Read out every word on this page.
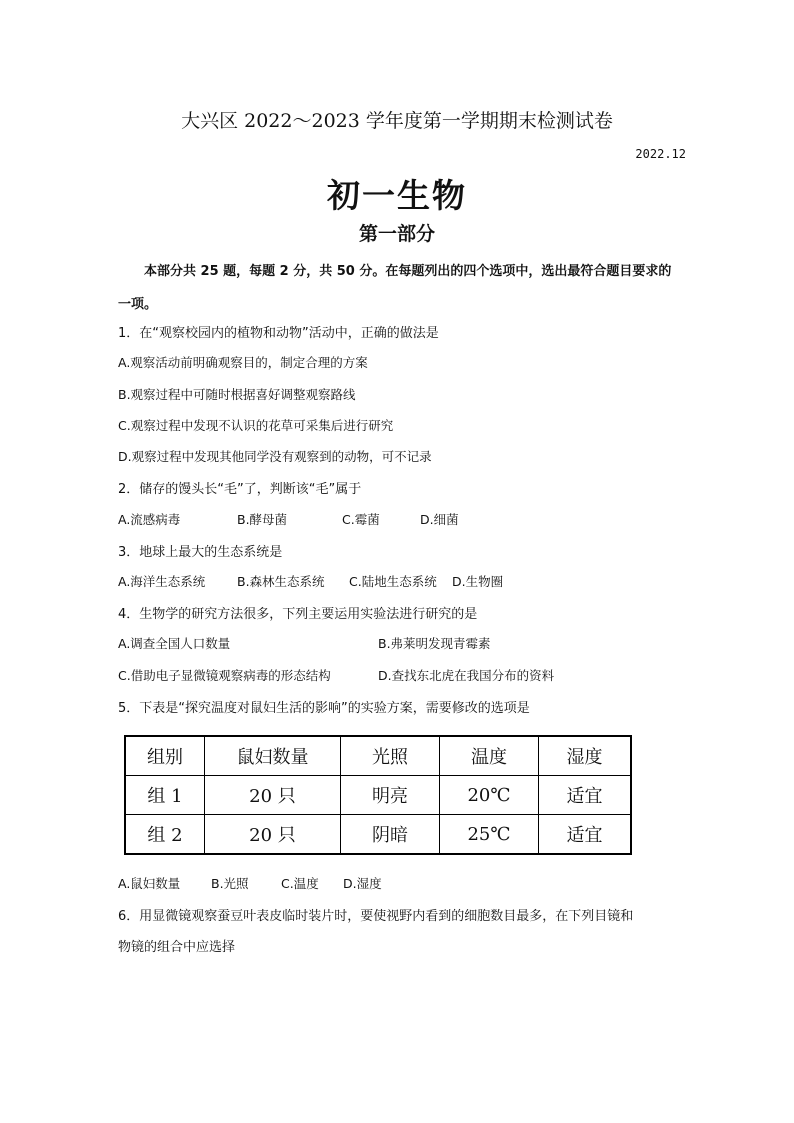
大兴区 2022～2023 学年度第一学期期末检测试卷
2022.12
初一生物
第一部分
本部分共 25 题，每题 2 分，共 50 分。在每题列出的四个选项中，选出最符合题目要求的一项。
1．在“观察校园内的植物和动物”活动中，正确的做法是
A.观察活动前明确观察目的，制定合理的方案
B.观察过程中可随时根据喜好调整观察路线
C.观察过程中发现不认识的花草可采集后进行研究
D.观察过程中发现其他同学没有观察到的动物，可不记录
2．储存的馒头长“毛”了，判断该“毛”属于
A.流感病毒	B.酵母菌	C.霉菌	D.细菌
3．地球上最大的生态系统是
A.海洋生态系统	B.森林生态系统 C.陆地生态系统 D.生物圈
4．生物学的研究方法很多，下列主要运用实验法进行研究的是
A.调查全国人口数量	B.弗莱明发现青霉素
C.借助电子显微镜观察病毒的形态结构	D.查找东北虎在我国分布的资料
5．下表是“探究温度对鼠妇生活的影响”的实验方案，需要修改的选项是
组别	鼠妇数量	光照	温度	湿度
组 1	20 只	明亮	20℃	适宜
组 2	20 只	阴暗	25℃	适宜
A.鼠妇数量 B.光照	C.温度 D.湿度
6．用显微镜观察蚕豆叶表皮临时装片时，要使视野内看到的细胞数目最多，在下列目镜和
物镜的组合中应选择
